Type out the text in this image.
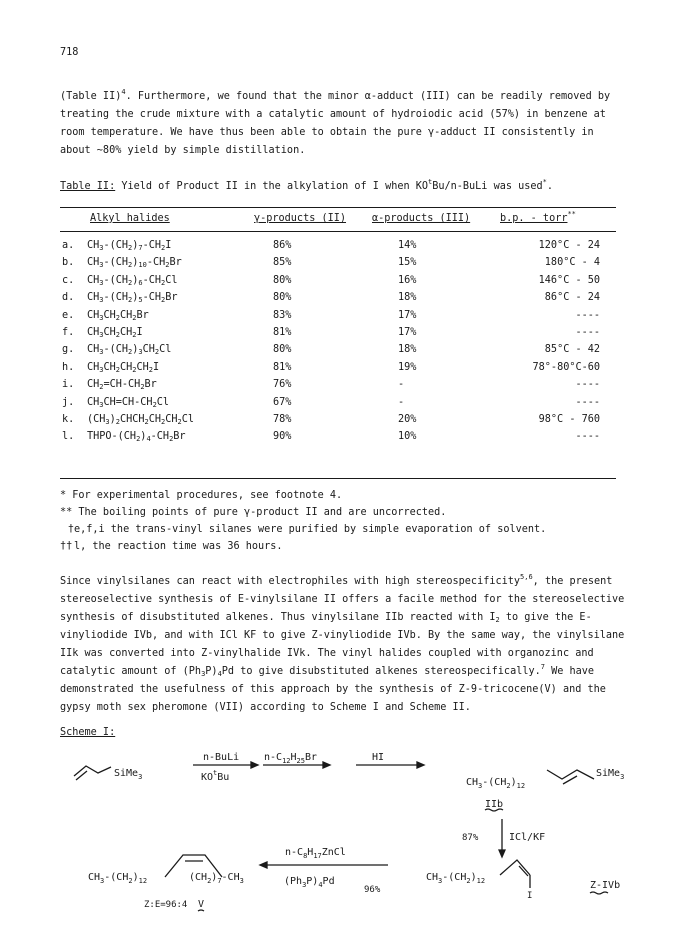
718
(Table II)$^4$. Furthermore, we found that the minor α-adduct (III) can be readily removed by
treating the crude mixture with a catalytic amount of hydroiodic acid (57%) in benzene at
room temperature. We have thus been able to obtain the pure γ-adduct II consistently in
about ~80% yield by simple distillation.
Table II: Yield of Product II in the alkylation of I when $KO^tBu/n$-BuLi was used*.
Alkyl halides	γ-products (II)	α-products (III)	b.p. - torr**
a. $CH_3-(CH_2)_7-CH_2I$	86%	14%	120°C - 24
b. $CH_3-(CH_2)_{10}-CH_2Br$	85%	15%	180°C - 4
c. $CH_3-(CH_2)_6-CH_2Cl$	80%	16%	146°C - 50
d. $CH_3-(CH_2)_5-CH_2Br$	80%	18%	86°C - 24
e. $CH_3CH_2CH_2Br$	83%	17%	----
f. $CH_3CH_2CH_2I$	81%	17%	----
g. $CH_3-(CH_2)_3CH_2Cl$	80%	18%	85°C - 42
h. $CH_3CH_2CH_2CH_2I$	81%	19%	78°-80°C-60
i. $CH_2=CH-CH_2Br$	76%	-	----
j. $CH_3CH=CH-CH_2Cl$	67%	-	----
k. $(CH_3)_2CHCH_2CH_2CH_2Cl$	78%	20%	98°C - 760
l. THPO-$(CH_2)_4-CH_2Br$	90%	10%	----
* For experimental procedures, see footnote 4.
** The boiling points of pure γ-product II and are uncorrected.
†e,f,i the trans-vinyl silanes were purified by simple evaporation of solvent.
†† l, the reaction time was 36 hours.
Since vinylsilanes can react with electrophiles with high stereospecificity$^{5,6}$, the present
stereoselective synthesis of E-vinylsilane II offers a facile method for the stereoselective
synthesis of disubstituted alkenes. Thus vinylsilane IIb reacted with $I_2$ to give the E-
vinyliodide IVb, and with ICl KF to give Z-vinyliodide IVb. By the same way, the vinylsilane
IIk was converted into Z-vinylhalide IVk. The vinyl halides coupled with organozinc and
catalytic amount of $(Ph_3P)_4Pd$ to give disubstituted alkenes stereospecifically.$^7$ We have
demonstrated the usefulness of this approach by the synthesis of Z-9-tricocene(V) and the
gypsy moth sex pheromone (VII) according to Scheme I and Scheme II.
Scheme I:
SiMe$_3$
n-BuLi
$KO^tBu$
$n-C_{12}H_{25}Br$	HI
$CH_3-(CH_2)_{12}$
SiMe$_3$
IIb
87%	ICl/KF
$n-C_8H_{17}ZnCl$
$(Ph_3P)_4Pd$
96%
$CH_3-(CH_2)_{12}$	$(CH_2)_7-CH_3$
Z:E=96:4 V
$CH_3-(CH_2)_{12}$
I
Z-IVb
